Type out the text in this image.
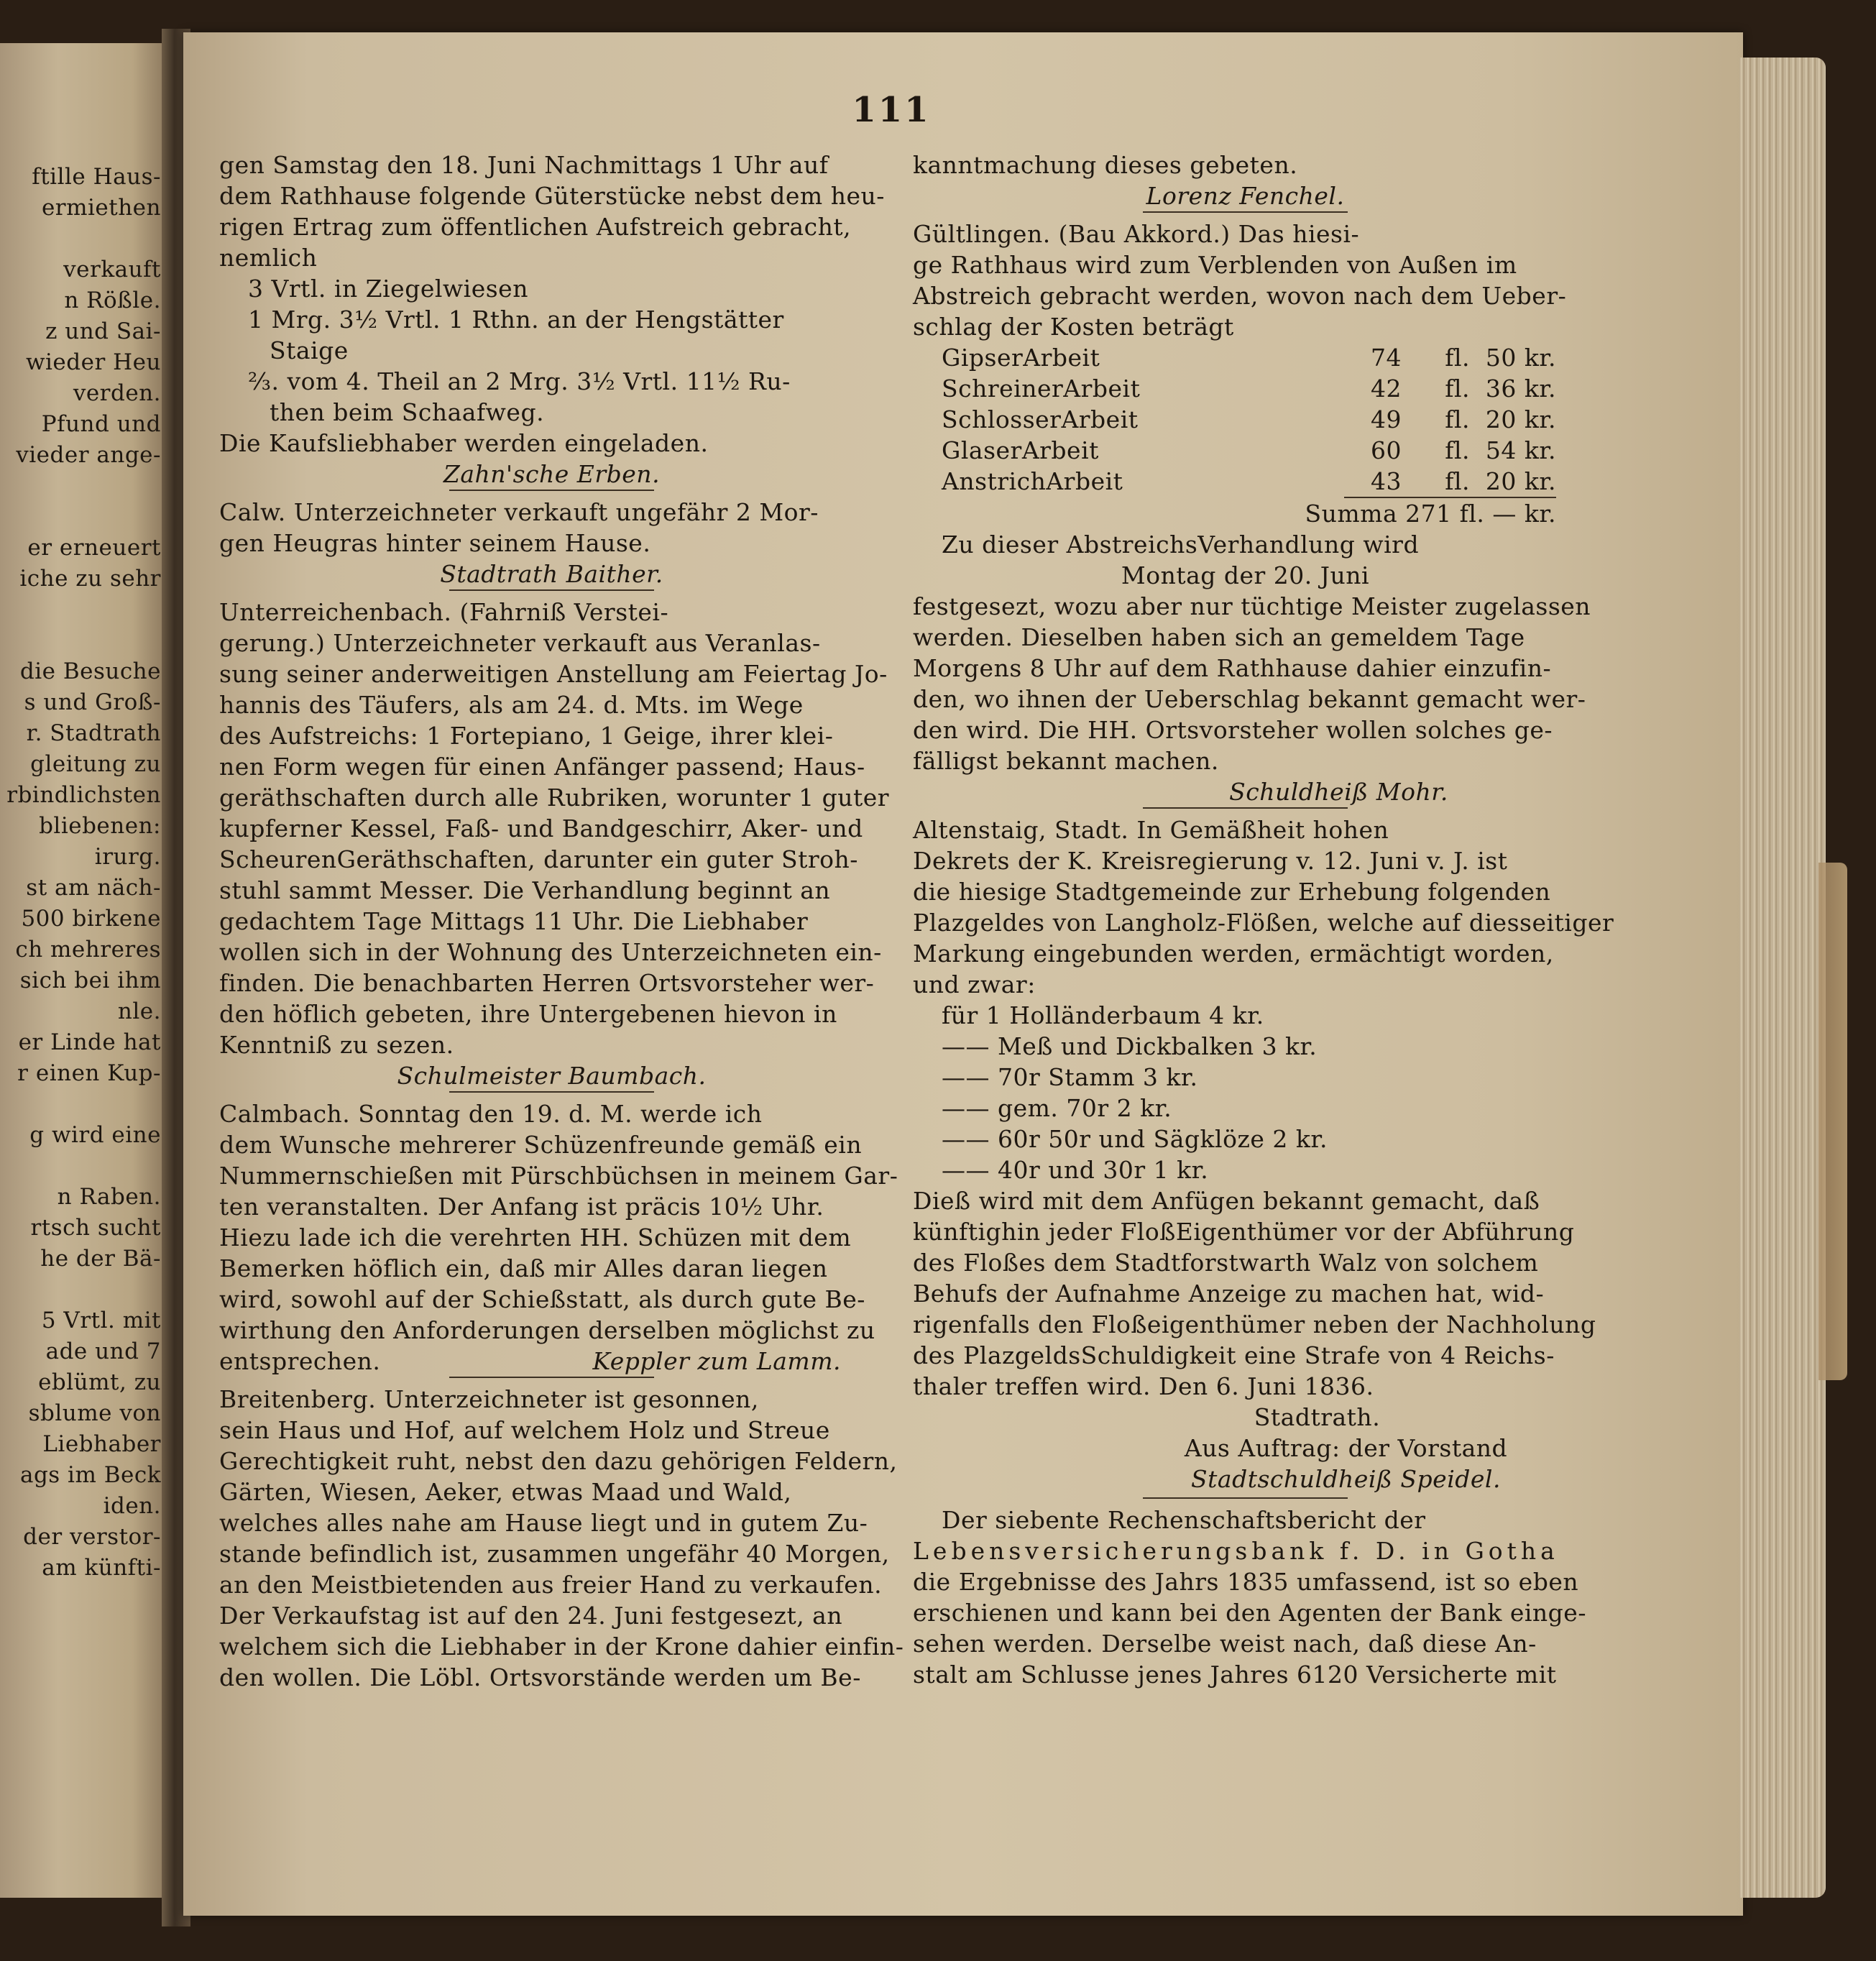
ftille Haus-
ermiethen
verkauft
n Rößle.
z und Sai-
wieder Heu
verden.
Pfund und
vieder ange-
er erneuert
iche zu sehr
die Besuche
s und Groß-
r. Stadtrath
gleitung zu
rbindlichsten
bliebenen:
irurg.
st am näch-
500 birkene
ch mehreres
sich bei ihm
nle.
er Linde hat
r einen Kup-
g wird eine
n Raben.
rtsch sucht
he der Bä-
5 Vrtl. mit
ade und 7
eblümt, zu
sblume von
Liebhaber
ags im Beck
iden.
der verstor-
am künfti-
111
gen Samstag den 18. Juni Nachmittags 1 Uhr auf
dem Rathhause folgende Güterstücke nebst dem heu-
rigen Ertrag zum öffentlichen Aufstreich gebracht,
nemlich
3 Vrtl. in Ziegelwiesen
1 Mrg. 3½ Vrtl. 1 Rthn. an der Hengstätter
Staige
⅔. vom 4. Theil an 2 Mrg. 3½ Vrtl. 11½ Ru-
then beim Schaafweg.
Die Kaufsliebhaber werden eingeladen.
Zahn'sche Erben.
Calw. Unterzeichneter verkauft ungefähr 2 Mor-
gen Heugras hinter seinem Hause.
Stadtrath Baither.
Unterreichenbach. (Fahrniß Verstei-
gerung.) Unterzeichneter verkauft aus Veranlas-
sung seiner anderweitigen Anstellung am Feiertag Jo-
hannis des Täufers, als am 24. d. Mts. im Wege
des Aufstreichs: 1 Fortepiano, 1 Geige, ihrer klei-
nen Form wegen für einen Anfänger passend; Haus-
geräthschaften durch alle Rubriken, worunter 1 guter
kupferner Kessel, Faß- und Bandgeschirr, Aker- und
ScheurenGeräthschaften, darunter ein guter Stroh-
stuhl sammt Messer. Die Verhandlung beginnt an
gedachtem Tage Mittags 11 Uhr. Die Liebhaber
wollen sich in der Wohnung des Unterzeichneten ein-
finden. Die benachbarten Herren Ortsvorsteher wer-
den höflich gebeten, ihre Untergebenen hievon in
Kenntniß zu sezen.
Schulmeister Baumbach.
Calmbach. Sonntag den 19. d. M. werde ich
dem Wunsche mehrerer Schüzenfreunde gemäß ein
Nummernschießen mit Pürschbüchsen in meinem Gar-
ten veranstalten. Der Anfang ist präcis 10½ Uhr.
Hiezu lade ich die verehrten HH. Schüzen mit dem
Bemerken höflich ein, daß mir Alles daran liegen
wird, sowohl auf der Schießstatt, als durch gute Be-
wirthung den Anforderungen derselben möglichst zu
entsprechen.	Keppler zum Lamm.
Breitenberg. Unterzeichneter ist gesonnen,
sein Haus und Hof, auf welchem Holz und Streue
Gerechtigkeit ruht, nebst den dazu gehörigen Feldern,
Gärten, Wiesen, Aeker, etwas Maad und Wald,
welches alles nahe am Hause liegt und in gutem Zu-
stande befindlich ist, zusammen ungefähr 40 Morgen,
an den Meistbietenden aus freier Hand zu verkaufen.
Der Verkaufstag ist auf den 24. Juni festgesezt, an
welchem sich die Liebhaber in der Krone dahier einfin-
den wollen. Die Löbl. Ortsvorstände werden um Be-
kanntmachung dieses gebeten.
Lorenz Fenchel.
Gültlingen. (Bau Akkord.) Das hiesi-
ge Rathhaus wird zum Verblenden von Außen im
Abstreich gebracht werden, wovon nach dem Ueber-
schlag der Kosten beträgt
GipserArbeit	74	fl. 50 kr.
SchreinerArbeit	42	fl. 36 kr.
SchlosserArbeit	49	fl. 20 kr.
GlaserArbeit	60	fl. 54 kr.
AnstrichArbeit	43	fl. 20 kr.
Summa 271 fl. — kr.
Zu dieser AbstreichsVerhandlung wird
Montag der 20. Juni
festgesezt, wozu aber nur tüchtige Meister zugelassen
werden. Dieselben haben sich an gemeldem Tage
Morgens 8 Uhr auf dem Rathhause dahier einzufin-
den, wo ihnen der Ueberschlag bekannt gemacht wer-
den wird. Die HH. Ortsvorsteher wollen solches ge-
fälligst bekannt machen.
Schuldheiß Mohr.
Altenstaig, Stadt. In Gemäßheit hohen
Dekrets der K. Kreisregierung v. 12. Juni v. J. ist
die hiesige Stadtgemeinde zur Erhebung folgenden
Plazgeldes von Langholz-Flößen, welche auf diesseitiger
Markung eingebunden werden, ermächtigt worden,
und zwar:
für 1 Holländerbaum 4 kr.
—— Meß und Dickbalken 3 kr.
—— 70r Stamm 3 kr.
—— gem. 70r 2 kr.
—— 60r 50r und Sägklöze 2 kr.
—— 40r und 30r 1 kr.
Dieß wird mit dem Anfügen bekannt gemacht, daß
künftighin jeder FloßEigenthümer vor der Abführung
des Floßes dem Stadtforstwarth Walz von solchem
Behufs der Aufnahme Anzeige zu machen hat, wid-
rigenfalls den Floßeigenthümer neben der Nachholung
des PlazgeldsSchuldigkeit eine Strafe von 4 Reichs-
thaler treffen wird. Den 6. Juni 1836.
Stadtrath.
Aus Auftrag: der Vorstand
Stadtschuldheiß Speidel.
Der siebente Rechenschaftsbericht der
Lebensversicherungsbank f. D. in Gotha
die Ergebnisse des Jahrs 1835 umfassend, ist so eben
erschienen und kann bei den Agenten der Bank einge-
sehen werden. Derselbe weist nach, daß diese An-
stalt am Schlusse jenes Jahres 6120 Versicherte mit
